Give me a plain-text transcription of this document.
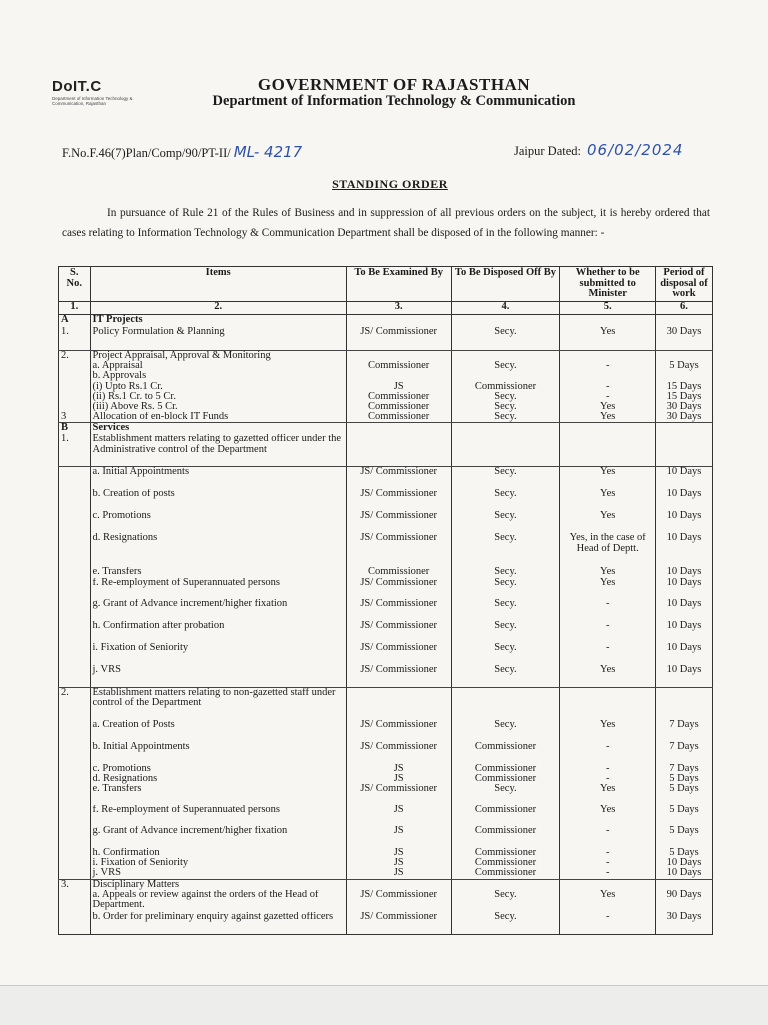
DoIT.C
Department of Information Technology & Communication, Rajasthan
GOVERNMENT OF RAJASTHAN
Department of Information Technology & Communication
F.No.F.46(7)Plan/Comp/90/PT-II/ ML- 4217	Jaipur Dated: 06/02/2024
STANDING ORDER
In pursuance of Rule 21 of the Rules of Business and in suppression of all previous orders on the subject, it is hereby ordered that cases relating to Information Technology & Communication Department shall be disposed of in the following manner: -
S. No.	Items	To Be Examined By	To Be Disposed Off By	Whether to be submitted to Minister	Period of disposal of work
1.	2.	3.	4.	5.	6.
A	IT Projects				
1.	Policy Formulation & Planning	JS/ Commissioner	Secy.	Yes	30 Days
2.	Project Appraisal, Approval & Monitoring				
	a. Appraisal	Commissioner	Secy.	-	5 Days
	b. Approvals				
	(i) Upto Rs.1 Cr.	JS	Commissioner	-	15 Days
	(ii) Rs.1 Cr. to 5 Cr.	Commissioner	Secy.	-	15 Days
	(iii) Above Rs. 5 Cr.	Commissioner	Secy.	Yes	30 Days
3	Allocation of en-block IT Funds	Commissioner	Secy.	Yes	30 Days
B	Services				
1.	Establishment matters relating to gazetted officer under the Administrative control of the Department				
	a. Initial Appointments	JS/ Commissioner	Secy.	Yes	10 Days
	b. Creation of posts	JS/ Commissioner	Secy.	Yes	10 Days
	c. Promotions	JS/ Commissioner	Secy.	Yes	10 Days
	d. Resignations	JS/ Commissioner	Secy.	Yes, in the case of Head of Deptt.	10 Days
	e. Transfers	Commissioner	Secy.	Yes	10 Days
	f. Re-employment of Superannuated persons	JS/ Commissioner	Secy.	Yes	10 Days
	g. Grant of Advance increment/higher fixation	JS/ Commissioner	Secy.	-	10 Days
	h. Confirmation after probation	JS/ Commissioner	Secy.	-	10 Days
	i. Fixation of Seniority	JS/ Commissioner	Secy.	-	10 Days
	j. VRS	JS/ Commissioner	Secy.	Yes	10 Days
2.	Establishment matters relating to non-gazetted staff under control of the Department				
	a. Creation of Posts	JS/ Commissioner	Secy.	Yes	7 Days
	b. Initial Appointments	JS/ Commissioner	Commissioner	-	7 Days
	c. Promotions	JS	Commissioner	-	7 Days
	d. Resignations	JS	Commissioner	-	5 Days
	e. Transfers	JS/ Commissioner	Secy.	Yes	5 Days
	f. Re-employment of Superannuated persons	JS	Commissioner	Yes	5 Days
	g. Grant of Advance increment/higher fixation	JS	Commissioner	-	5 Days
	h. Confirmation	JS	Commissioner	-	5 Days
	i. Fixation of Seniority	JS	Commissioner	-	10 Days
	j. VRS	JS	Commissioner	-	10 Days
3.	Disciplinary Matters				
	a. Appeals or review against the orders of the Head of Department.	JS/ Commissioner	Secy.	Yes	90 Days
	b. Order for preliminary enquiry against gazetted officers	JS/ Commissioner	Secy.	-	30 Days
